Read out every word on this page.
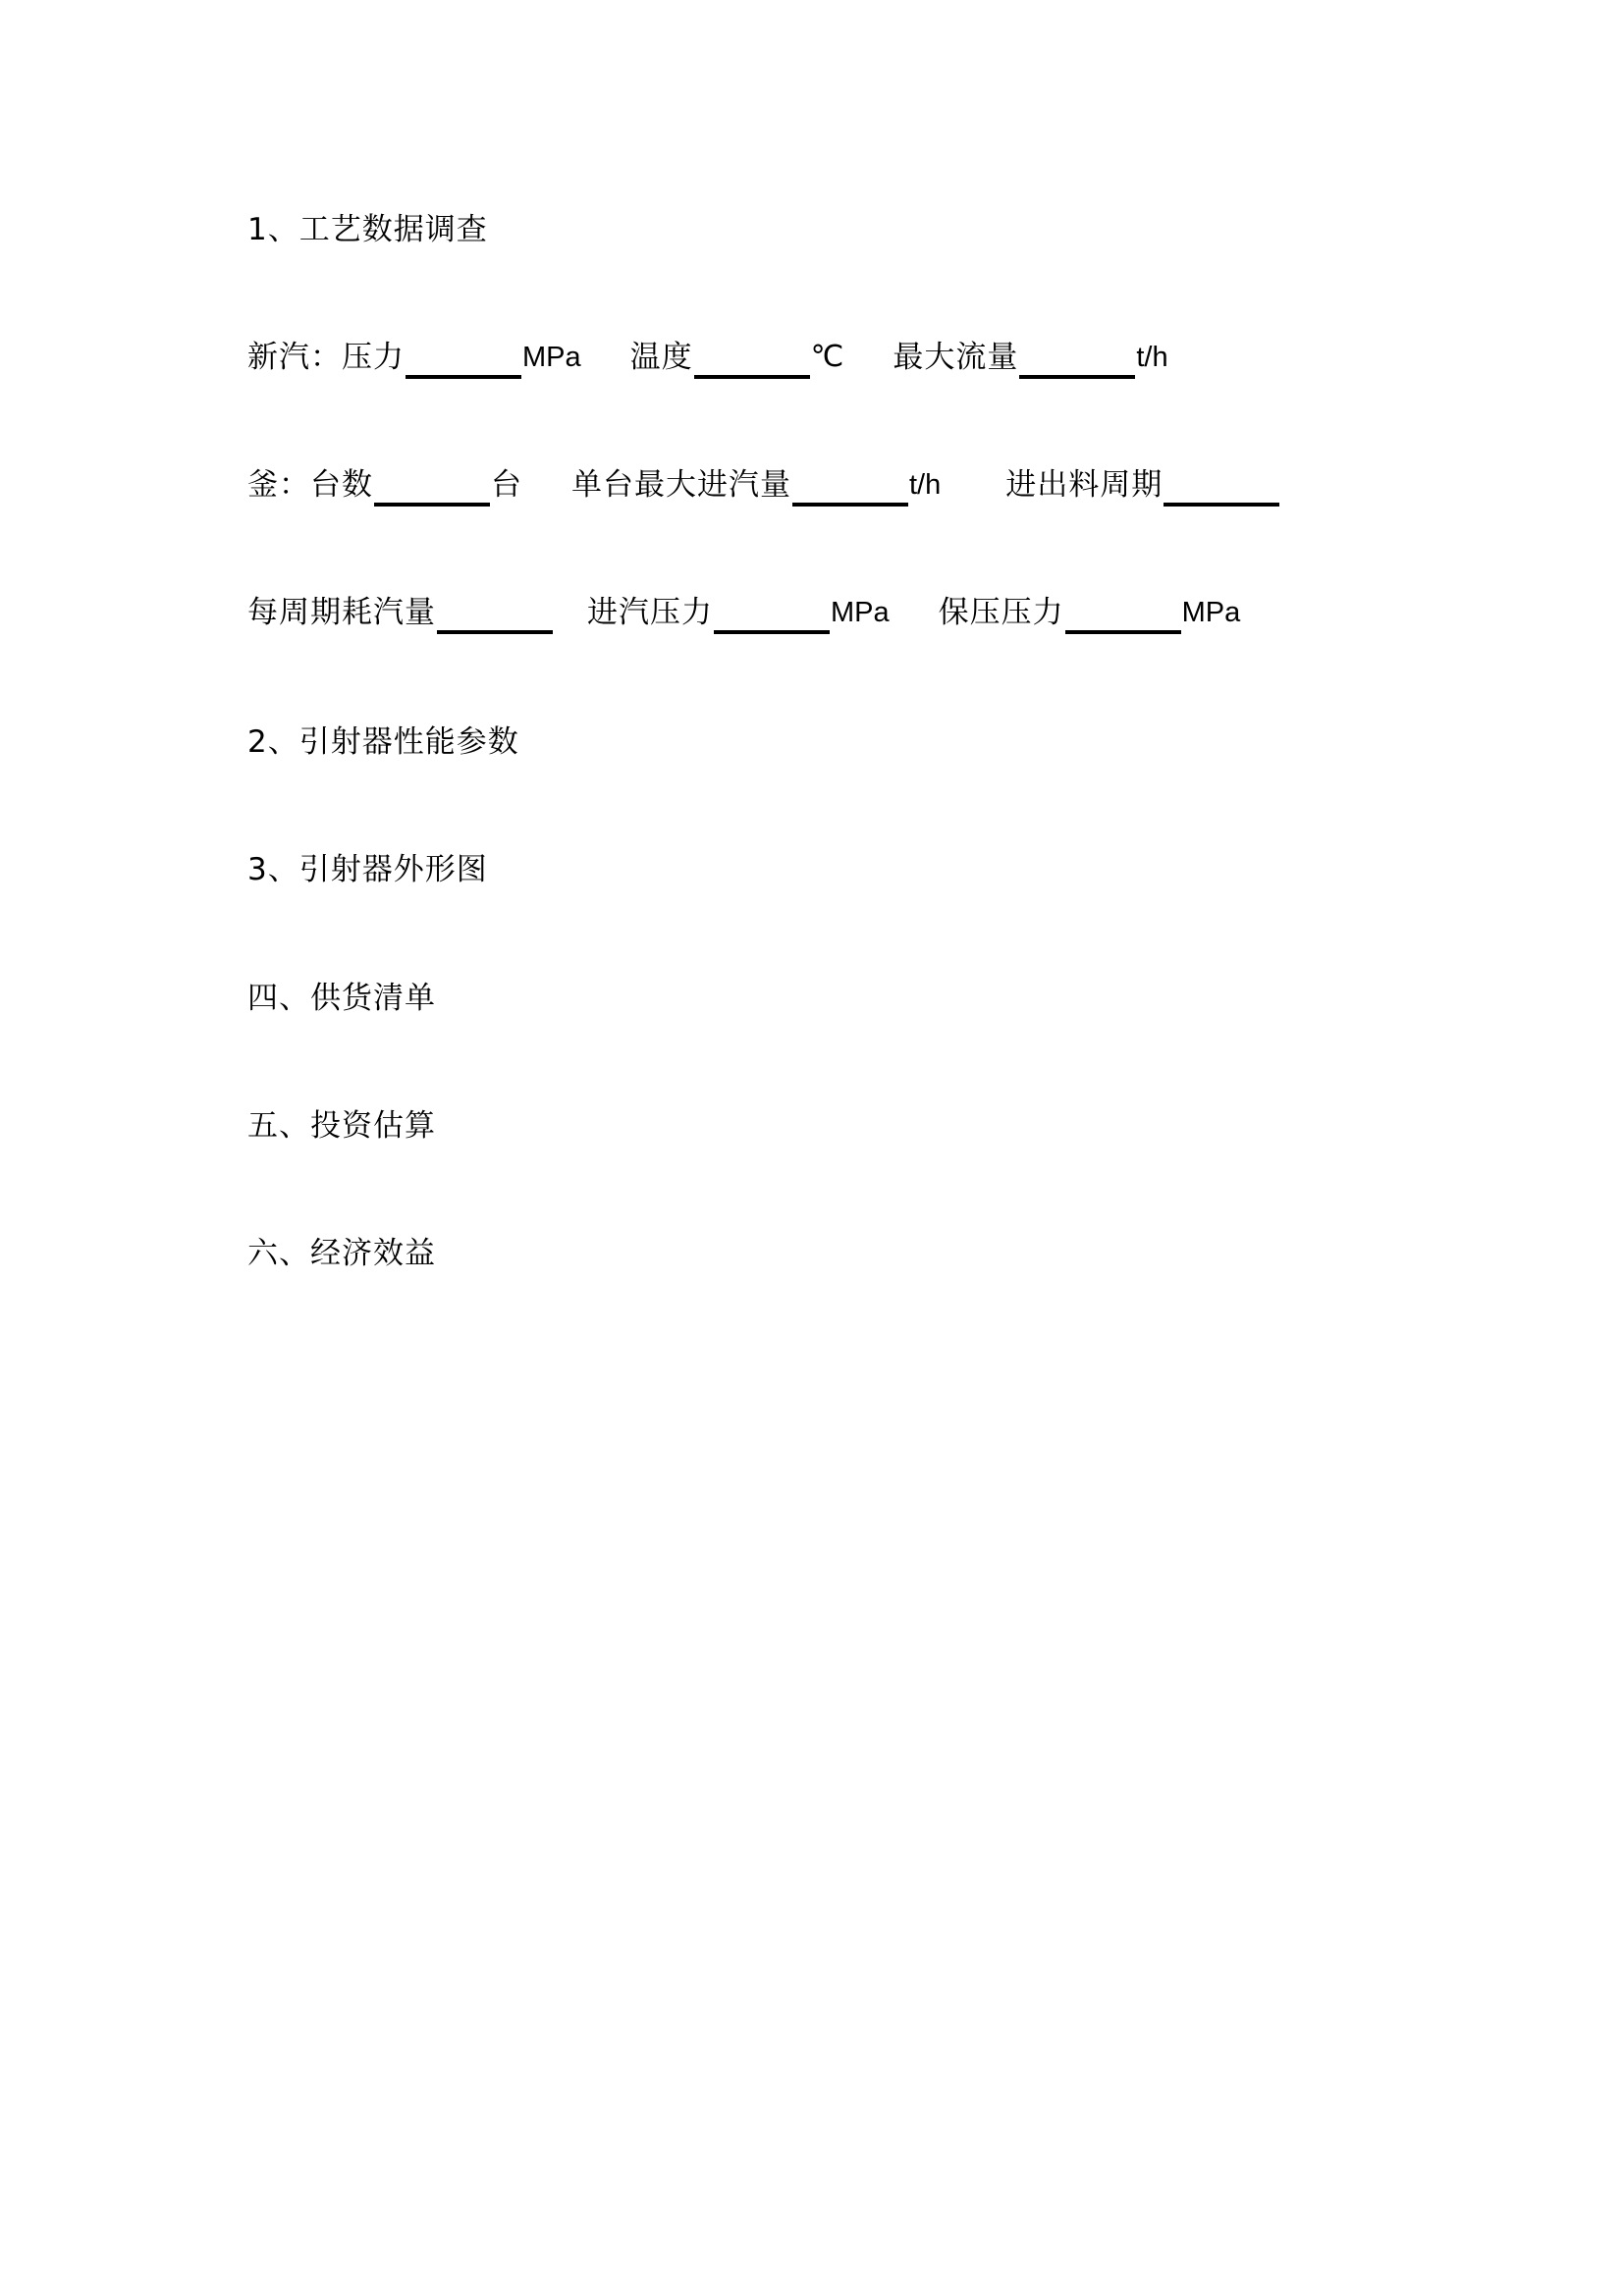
1、工艺数据调查
新汽： 压力	MPa 温度	℃ 最大流量	t/h
釜： 台数	台 单台最大进汽量	t/h 进出料周期
每周期耗汽量	进汽压力	MPa 保压压力	MPa
2、引射器性能参数
3、引射器外形图
四、供货清单
五、投资估算
六、经济效益
